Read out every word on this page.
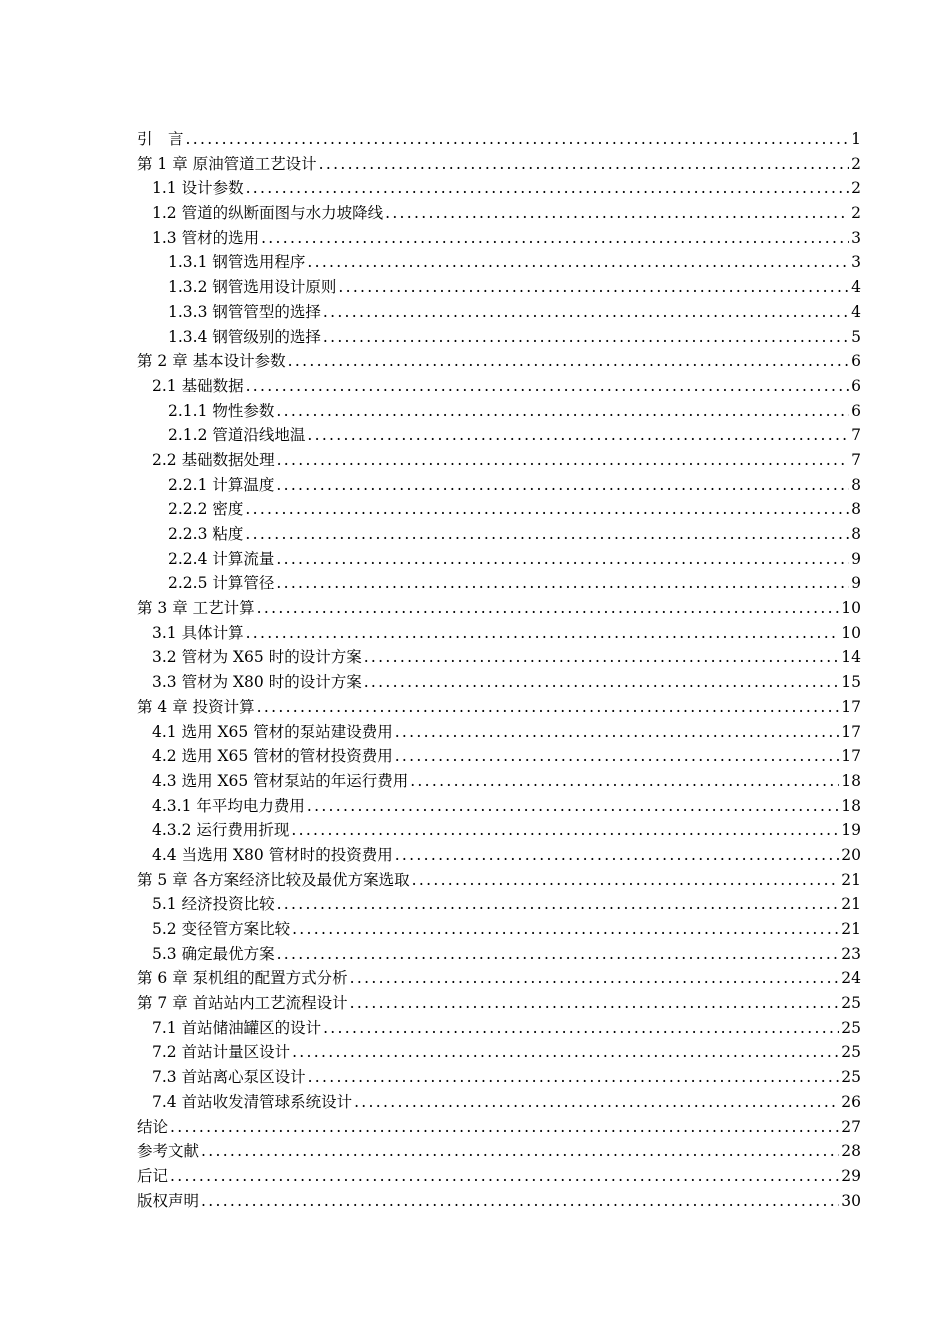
引　言 .....	1
第 1 章 原油管道工艺设计 .....	2
1.1 设计参数 .....	2
1.2 管道的纵断面图与水力坡降线 .....	2
1.3 管材的选用 .....	3
1.3.1 钢管选用程序 .....	3
1.3.2 钢管选用设计原则 .....	4
1.3.3 钢管管型的选择 .....	4
1.3.4 钢管级别的选择 .....	5
第 2 章 基本设计参数 .....	6
2.1 基础数据 .....	6
2.1.1 物性参数 .....	6
2.1.2 管道沿线地温 .....	7
2.2 基础数据处理 .....	7
2.2.1 计算温度 .....	8
2.2.2 密度 .....	8
2.2.3 粘度 .....	8
2.2.4 计算流量 .....	9
2.2.5 计算管径 .....	9
第 3 章 工艺计算 .....	10
3.1 具体计算 .....	10
3.2 管材为 X65 时的设计方案 .....	14
3.3 管材为 X80 时的设计方案 .....	15
第 4 章 投资计算 .....	17
4.1 选用 X65 管材的泵站建设费用 .....	17
4.2 选用 X65 管材的管材投资费用 .....	17
4.3 选用 X65 管材泵站的年运行费用 .....	18
4.3.1 年平均电力费用 .....	18
4.3.2 运行费用折现 .....	19
4.4 当选用 X80 管材时的投资费用 .....	20
第 5 章 各方案经济比较及最优方案选取 .....	21
5.1 经济投资比较 .....	21
5.2 变径管方案比较 .....	21
5.3 确定最优方案 .....	23
第 6 章 泵机组的配置方式分析 .....	24
第 7 章 首站站内工艺流程设计 .....	25
7.1 首站储油罐区的设计 .....	25
7.2 首站计量区设计 .....	25
7.3 首站离心泵区设计 .....	25
7.4 首站收发清管球系统设计 .....	26
结论 .....	27
参考文献 .....	28
后记 .....	29
版权声明 .....	30
